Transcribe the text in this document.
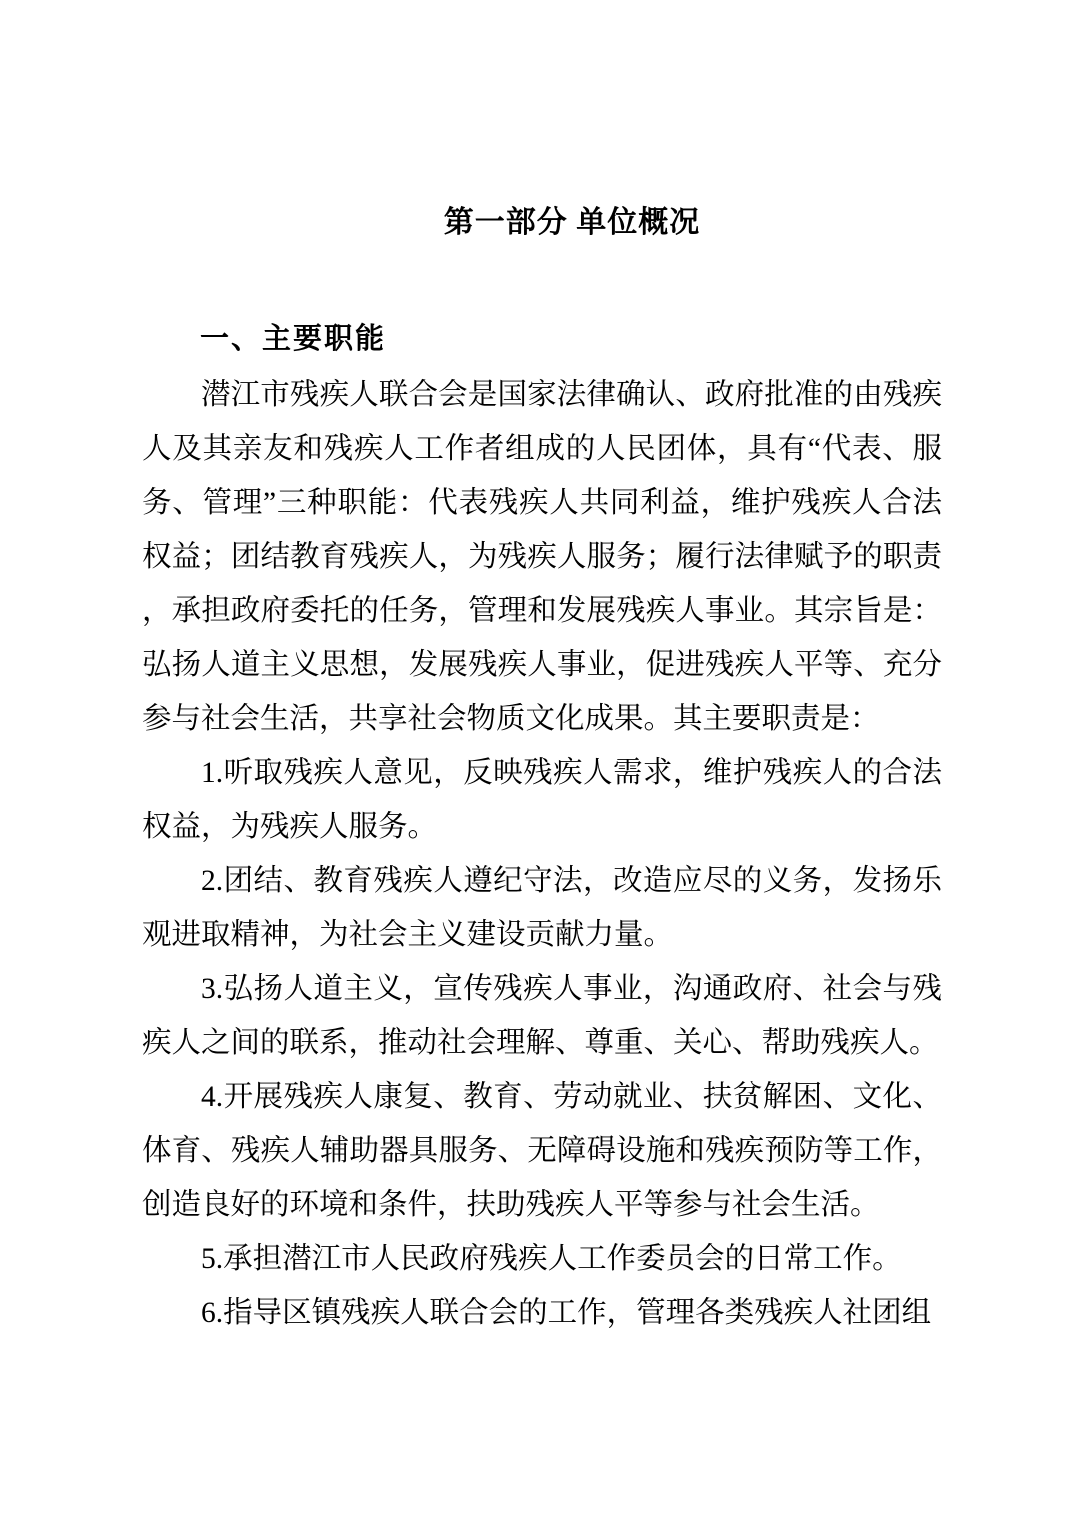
第一部分 单位概况
一、主要职能

潜江市残疾人联合会是国家法律确认、政府批准的由残疾人及其亲友和残疾人工作者组成的人民团体，具有“代表、服务、管理”三种职能：代表残疾人共同利益，维护残疾人合法权益；团结教育残疾人，为残疾人服务；履行法律赋予的职责，承担政府委托的任务，管理和发展残疾人事业。其宗旨是：弘扬人道主义思想，发展残疾人事业，促进残疾人平等、充分参与社会生活，共享社会物质文化成果。其主要职责是：

1.听取残疾人意见，反映残疾人需求，维护残疾人的合法权益，为残疾人服务。

2.团结、教育残疾人遵纪守法，改造应尽的义务，发扬乐观进取精神，为社会主义建设贡献力量。

3.弘扬人道主义，宣传残疾人事业，沟通政府、社会与残疾人之间的联系，推动社会理解、尊重、关心、帮助残疾人。

4.开展残疾人康复、教育、劳动就业、扶贫解困、文化、体育、残疾人辅助器具服务、无障碍设施和残疾预防等工作，创造良好的环境和条件，扶助残疾人平等参与社会生活。

5.承担潜江市人民政府残疾人工作委员会的日常工作。

6.指导区镇残疾人联合会的工作，管理各类残疾人社团组
